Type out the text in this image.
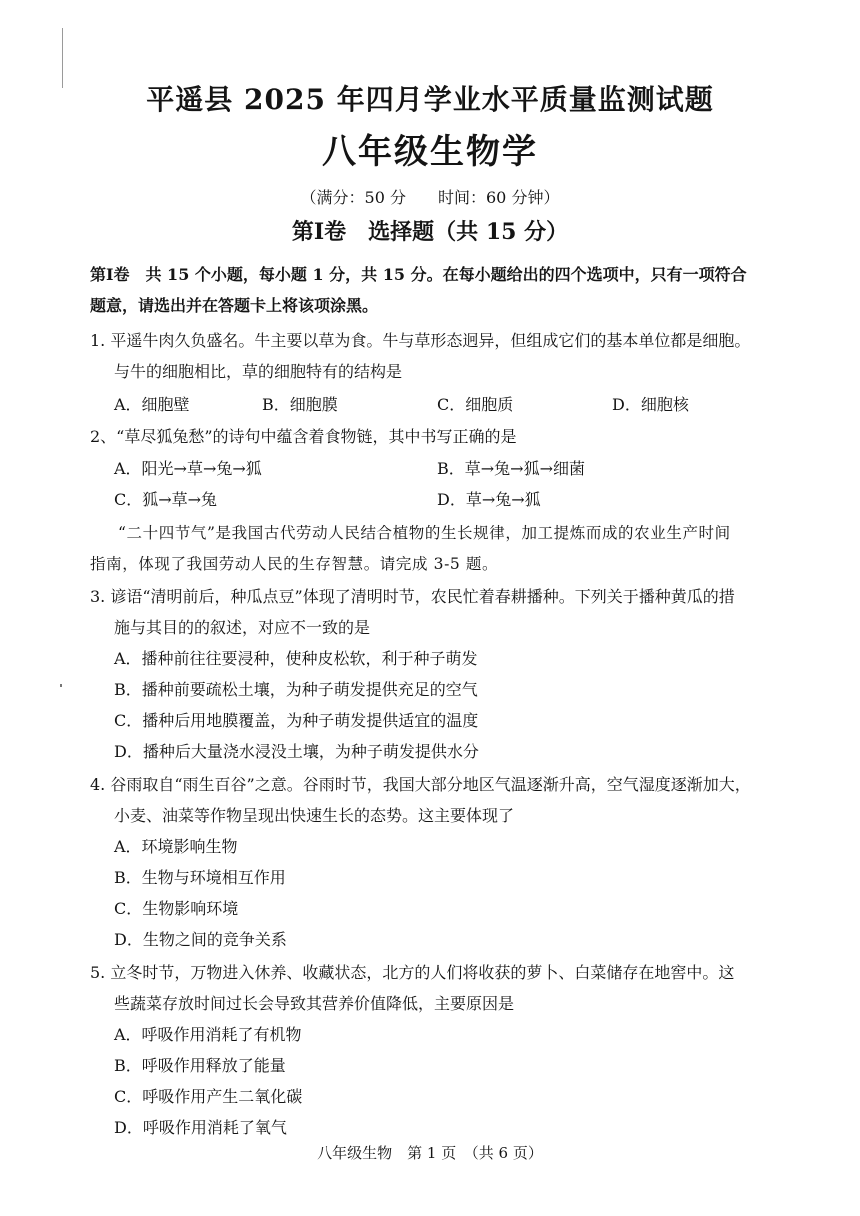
平遥县 2025 年四月学业水平质量监测试题
八年级生物学
（满分：50 分　　时间：60 分钟）
第Ⅰ卷　选择题（共 15 分）
第Ⅰ卷　共 15 个小题，每小题 1 分，共 15 分。在每小题给出的四个选项中，只有一项符合
题意，请选出并在答题卡上将该项涂黑。
1. 平遥牛肉久负盛名。牛主要以草为食。牛与草形态迥异，但组成它们的基本单位都是细胞。
与牛的细胞相比，草的细胞特有的结构是
A．细胞壁	B．细胞膜	C．细胞质	D．细胞核
2、“草尽狐兔愁”的诗句中蕴含着食物链，其中书写正确的是
A．阳光→草→兔→狐	B．草→兔→狐→细菌
C．狐→草→兔	D．草→兔→狐
“二十四节气”是我国古代劳动人民结合植物的生长规律，加工提炼而成的农业生产时间
指南，体现了我国劳动人民的生存智慧。请完成 3-5 题。
3. 谚语“清明前后，种瓜点豆”体现了清明时节，农民忙着春耕播种。下列关于播种黄瓜的措
施与其目的的叙述，对应不一致的是
A．播种前往往要浸种，使种皮松软，利于种子萌发
B．播种前要疏松土壤，为种子萌发提供充足的空气
C．播种后用地膜覆盖，为种子萌发提供适宜的温度
D．播种后大量浇水浸没土壤，为种子萌发提供水分
4. 谷雨取自“雨生百谷”之意。谷雨时节，我国大部分地区气温逐渐升高，空气湿度逐渐加大，
小麦、油菜等作物呈现出快速生长的态势。这主要体现了
A．环境影响生物
B．生物与环境相互作用
C．生物影响环境
D．生物之间的竞争关系
5. 立冬时节，万物进入休养、收藏状态，北方的人们将收获的萝卜、白菜储存在地窖中。这
些蔬菜存放时间过长会导致其营养价值降低，主要原因是
A．呼吸作用消耗了有机物
B．呼吸作用释放了能量
C．呼吸作用产生二氧化碳
D．呼吸作用消耗了氧气
八年级生物　第 1 页　（共 6 页）
